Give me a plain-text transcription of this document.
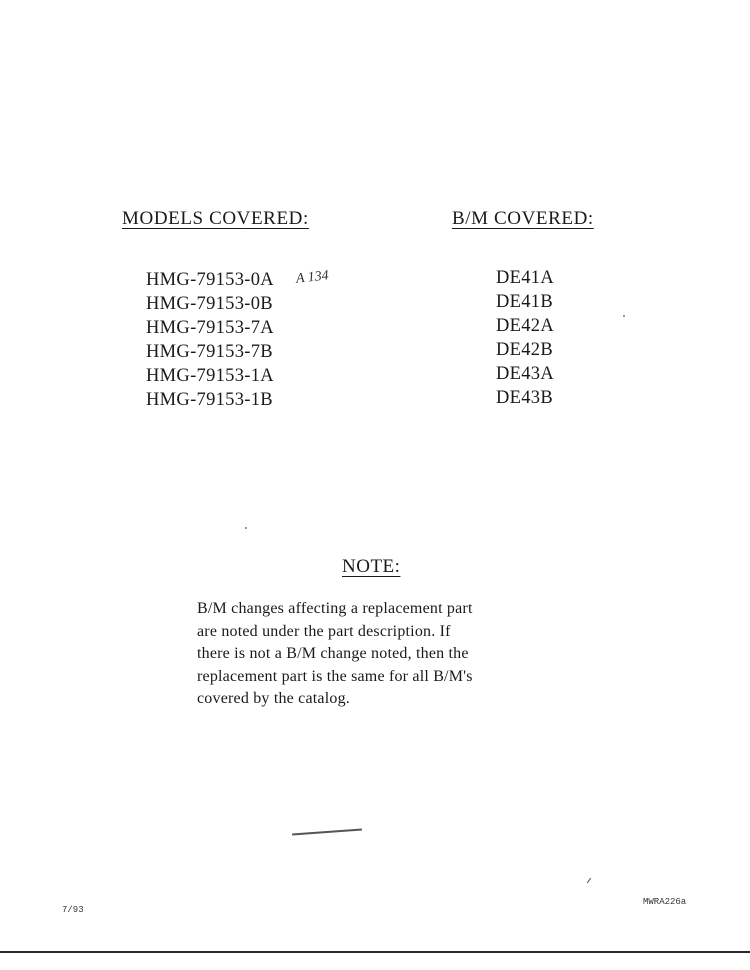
MODELS COVERED:	B/M COVERED:
HMG-79153-0A
HMG-79153-0B
HMG-79153-7A
HMG-79153-7B
HMG-79153-1A
HMG-79153-1B
A 134	DE41A
DE41B
DE42A
DE42B
DE43A
DE43B
NOTE:

B/M changes affecting a replacement part
are noted under the part description. If
there is not a B/M change noted, then the
replacement part is the same for all B/M's
covered by the catalog.

7/93
MWRA226a
